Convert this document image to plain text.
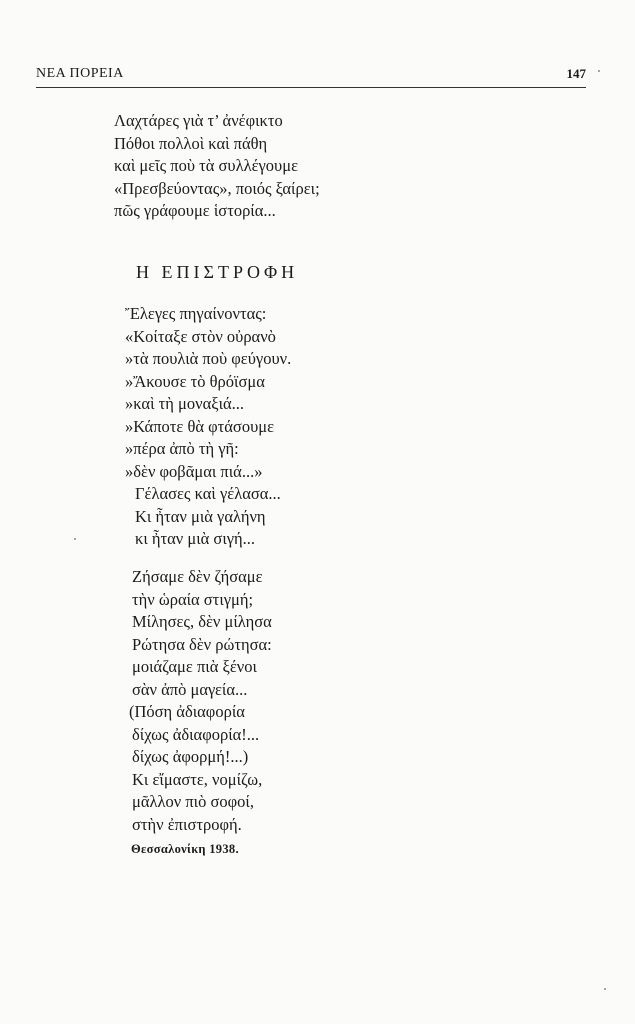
ΝΕΑ ΠΟΡΕΙΑ	147
Λαχτάρες γιὰ τ’ ἀνέφικτο
Πόθοι πολλοὶ καὶ πάθη
καὶ μεῖς ποὺ τὰ συλλέγουμε
«Πρεσβεύοντας», ποιός ξαίρει;
πῶς γράφουμε ἱστορία...
Η ΕΠΙΣΤΡΟΦΗ
Ἔλεγες πηγαίνοντας:
«Κοίταξε στὸν οὐρανὸ
»τὰ πουλιὰ ποὺ φεύγουν.
»Ἄκουσε τὸ θρόϊσμα
»καὶ τὴ μοναξιά...
»Κάποτε θὰ φτάσουμε
»πέρα ἀπὸ τὴ γῆ:
»δὲν φοβᾶμαι πιά...»
Γέλασες καὶ γέλασα...
Κι ἦταν μιὰ γαλήνη
κι ἦταν μιὰ σιγή...
Ζήσαμε δὲν ζήσαμε
τὴν ὡραία στιγμή;
Μίλησες, δὲν μίλησα
Ρώτησα δὲν ρώτησα:
μοιάζαμε πιὰ ξένοι
σὰν ἀπὸ μαγεία...
(Πόση ἀδιαφορία
δίχως ἀδιαφορία!...
δίχως ἀφορμή!...)
Κι εἴμαστε, νομίζω,
μᾶλλον πιὸ σοφοί,
στὴν ἐπιστροφή.
Θεσσαλονίκη 1938.
